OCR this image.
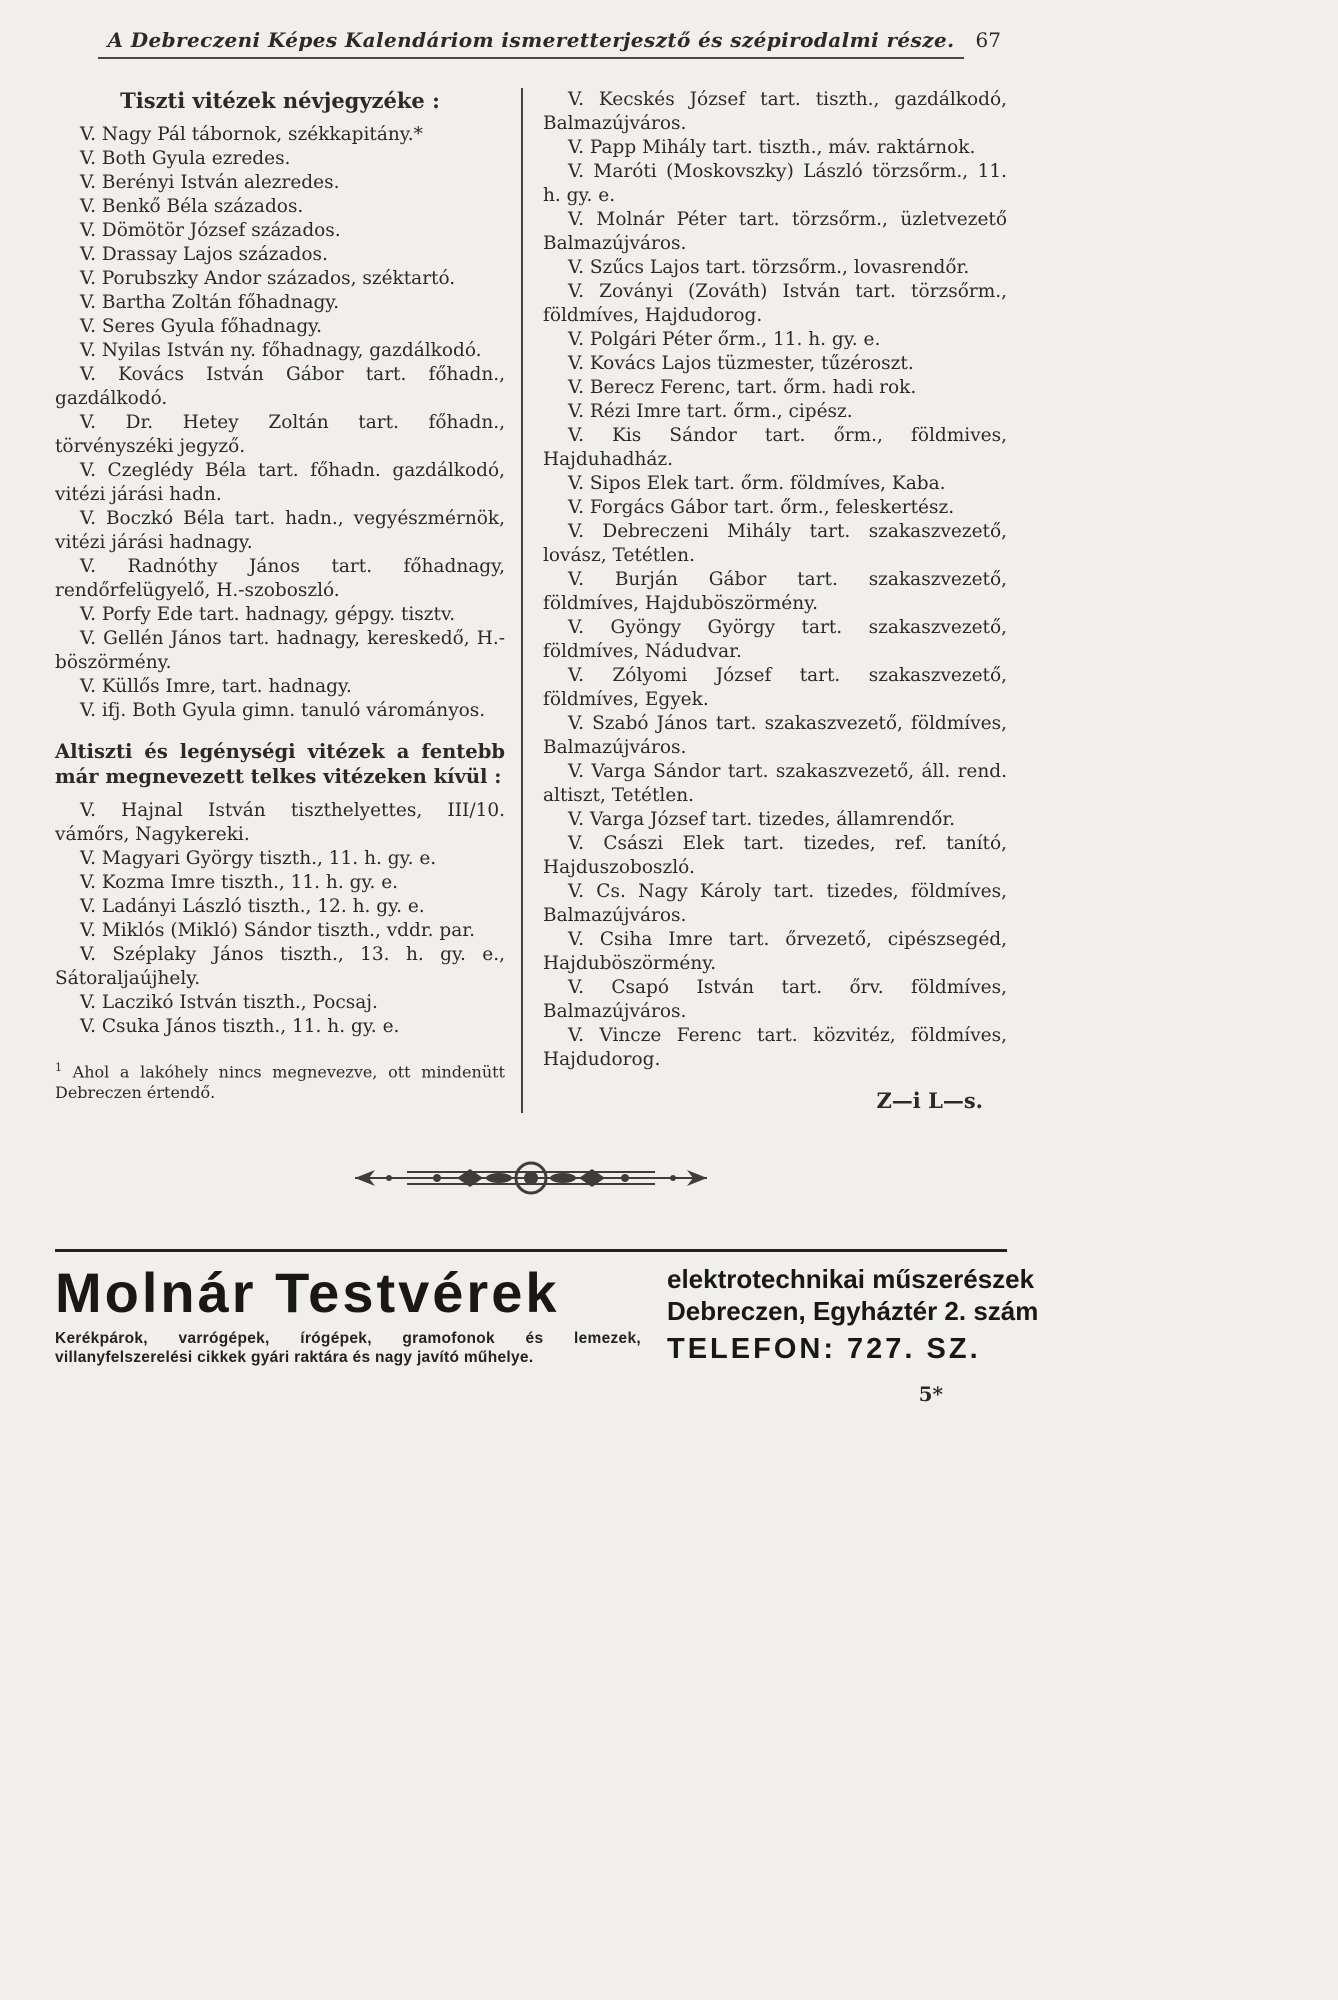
A Debreczeni Képes Kalendáriom ismeretterjesztő és szépirodalmi része.	67
Tiszti vitézek névjegyzéke :

V. Nagy Pál tábornok, székkapitány.*

V. Both Gyula ezredes.

V. Berényi István alezredes.

V. Benkő Béla százados.

V. Dömötör József százados.

V. Drassay Lajos százados.

V. Porubszky Andor százados, széktartó.

V. Bartha Zoltán főhadnagy.

V. Seres Gyula főhadnagy.

V. Nyilas István ny. főhadnagy, gazdálkodó.

V. Kovács István Gábor tart. főhadn., gazdálkodó.

V. Dr. Hetey Zoltán tart. főhadn., törvényszéki jegyző.

V. Czeglédy Béla tart. főhadn. gazdálkodó, vitézi járási hadn.

V. Boczkó Béla tart. hadn., vegyészmérnök, vitézi járási hadnagy.

V. Radnóthy János tart. főhadnagy, rendőrfelügyelő, H.-szoboszló.

V. Porfy Ede tart. hadnagy, gépgy. tisztv.

V. Gellén János tart. hadnagy, kereskedő, H.-böszörmény.

V. Küllős Imre, tart. hadnagy.

V. ifj. Both Gyula gimn. tanuló várományos.

Altiszti és legénységi vitézek a fentebb már megnevezett telkes vitézeken kívül :

V. Hajnal István tiszthelyettes, III/10. vámőrs, Nagykereki.

V. Magyari György tiszth., 11. h. gy. e.

V. Kozma Imre tiszth., 11. h. gy. e.

V. Ladányi László tiszth., 12. h. gy. e.

V. Miklós (Mikló) Sándor tiszth., vddr. par.

V. Széplaky János tiszth., 13. h. gy. e., Sátoraljaújhely.

V. Laczikó István tiszth., Pocsaj.

V. Csuka János tiszth., 11. h. gy. e.

$^1$ Ahol a lakóhely nincs megnevezve, ott mindenütt Debreczen értendő.

V. Kecskés József tart. tiszth., gazdálkodó, Balmazújváros.

V. Papp Mihály tart. tiszth., máv. raktárnok.

V. Maróti (Moskovszky) László törzsőrm., 11. h. gy. e.

V. Molnár Péter tart. törzsőrm., üzletvezető Balmazújváros.

V. Szűcs Lajos tart. törzsőrm., lovasrendőr.

V. Zoványi (Zováth) István tart. törzsőrm., földmíves, Hajdudorog.

V. Polgári Péter őrm., 11. h. gy. e.

V. Kovács Lajos tüzmester, tűzéroszt.

V. Berecz Ferenc, tart. őrm. hadi rok.

V. Rézi Imre tart. őrm., cipész.

V. Kis Sándor tart. őrm., földmives, Hajduhadház.

V. Sipos Elek tart. őrm. földmíves, Kaba.

V. Forgács Gábor tart. őrm., feleskertész.

V. Debreczeni Mihály tart. szakaszvezető, lovász, Tetétlen.

V. Burján Gábor tart. szakaszvezető, földmíves, Hajduböszörmény.

V. Gyöngy György tart. szakaszvezető, földmíves, Nádudvar.

V. Zólyomi József tart. szakaszvezető, földmíves, Egyek.

V. Szabó János tart. szakaszvezető, földmíves, Balmazújváros.

V. Varga Sándor tart. szakaszvezető, áll. rend. altiszt, Tetétlen.

V. Varga József tart. tizedes, államrendőr.

V. Császi Elek tart. tizedes, ref. tanító, Hajduszoboszló.

V. Cs. Nagy Károly tart. tizedes, földmíves, Balmazújváros.

V. Csiha Imre tart. őrvezető, cipészsegéd, Hajduböszörmény.

V. Csapó István tart. őrv. földmíves, Balmazújváros.

V. Vincze Ferenc tart. közvitéz, földmíves, Hajdudorog.

Z—i L—s.

Molnár Testvérek
Kerékpárok, varrógépek, írógépek, gramofonok és lemezek, villanyfelszerelési cikkek gyári raktára és nagy javító műhelye.
elektrotechnikai műszerészek
Debreczen, Egyháztér 2. szám
TELEFON: 727. SZ.
5*
